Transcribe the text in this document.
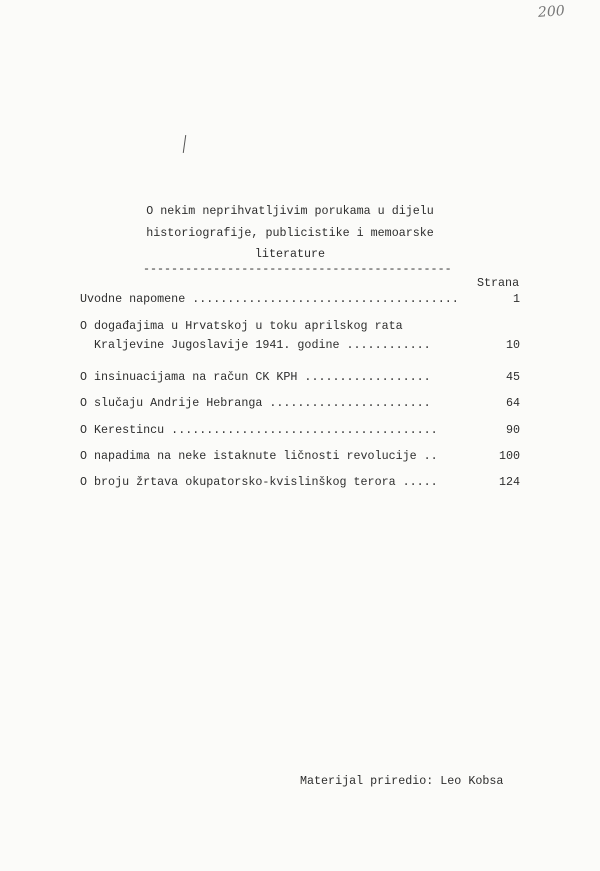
200
O nekim neprihvatljivim porukama u dijelu
historiografije, publicistike i memoarske
literature
--------------------------------------------
Strana
Uvodne napomene ......................................	1
O događajima u Hrvatskoj u toku aprilskog rata
Kraljevine Jugoslavije 1941. godine ............	10
O insinuacijama na račun CK KPH ..................	45
O slučaju Andrije Hebranga .......................	64
O Kerestincu ......................................	90
O napadima na neke istaknute ličnosti revolucije ..	100
O broju žrtava okupatorsko-kvislinškog terora .....	124
Materijal priredio: Leo Kobsa
